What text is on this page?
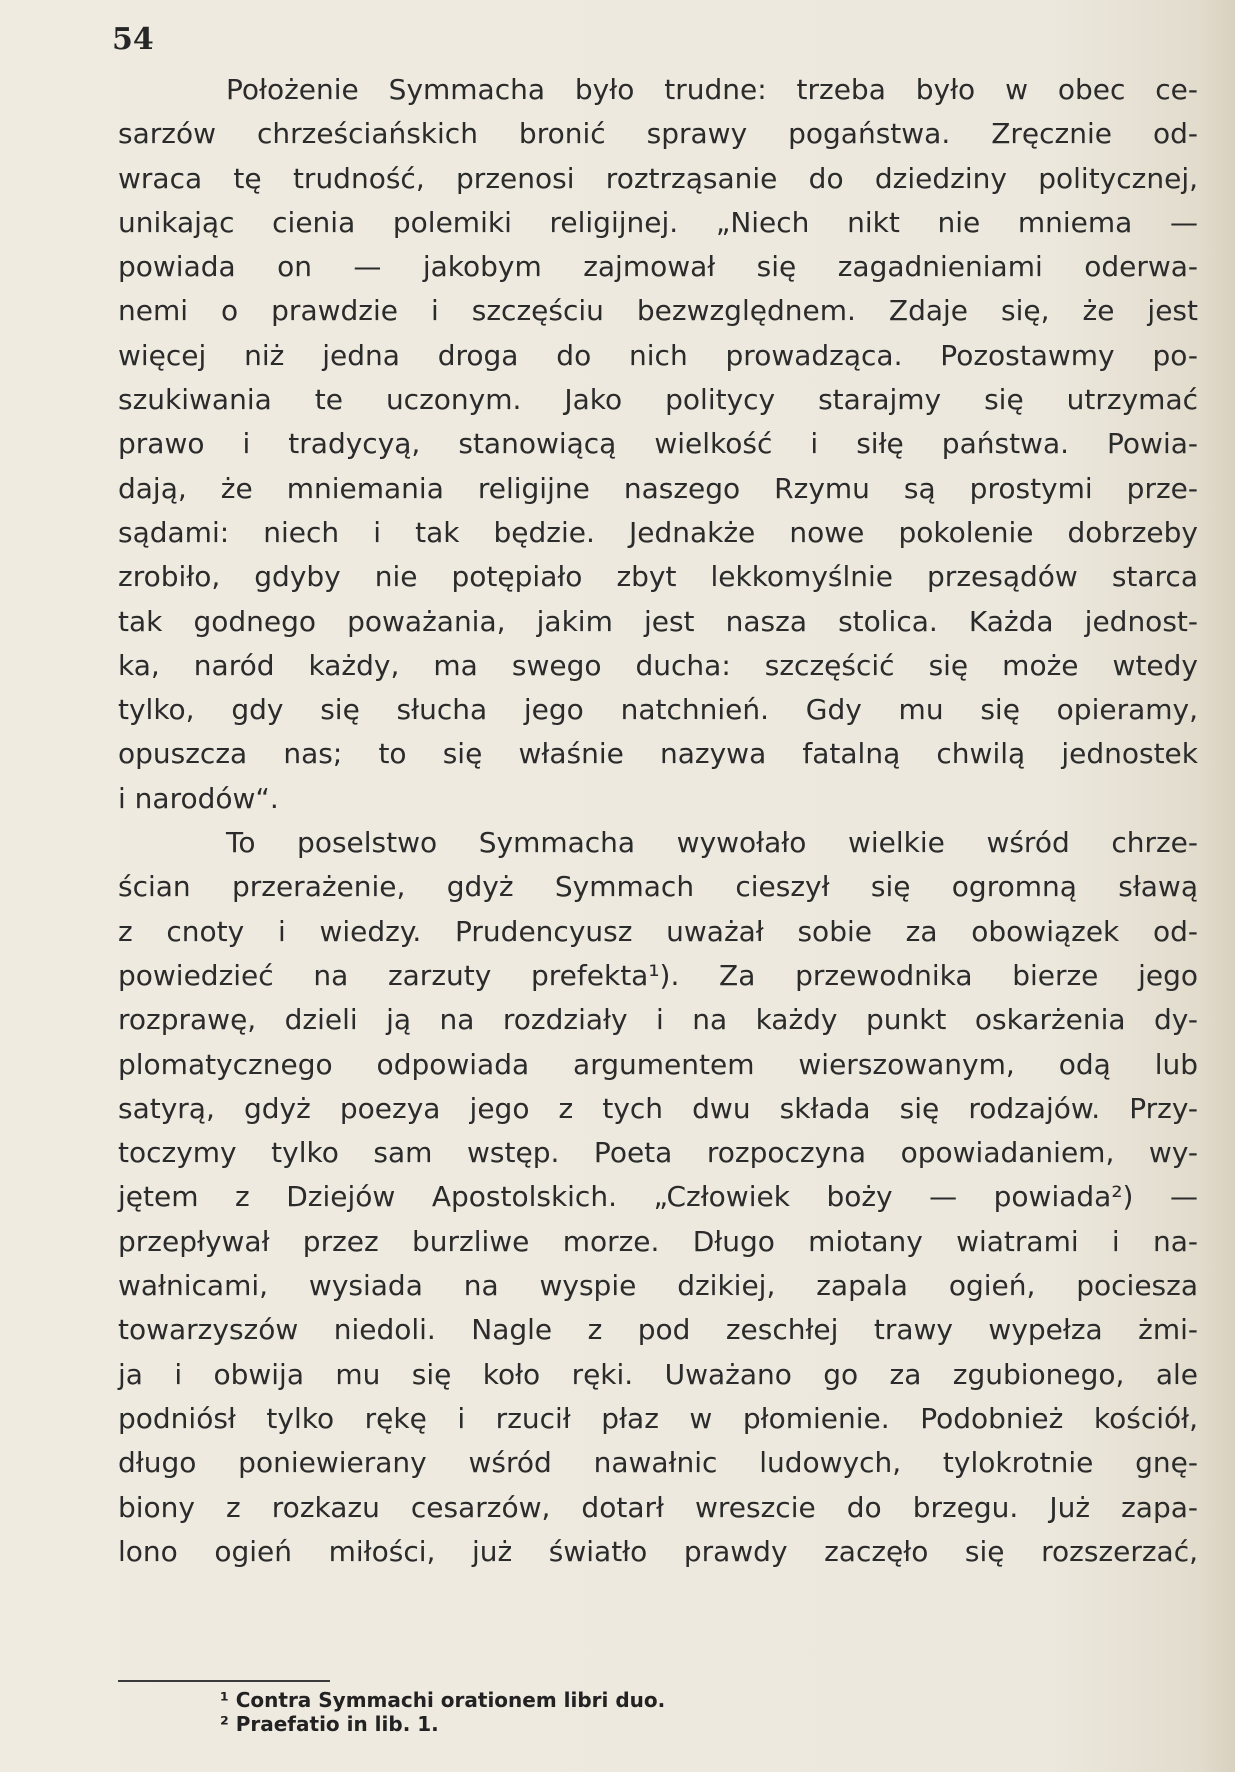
54
Położenie Symmacha było trudne: trzeba było w obec ce-
sarzów chrześciańskich bronić sprawy pogaństwa. Zręcznie od-
wraca tę trudność, przenosi roztrząsanie do dziedziny politycznej,
unikając cienia polemiki religijnej. „Niech nikt nie mniema —
powiada on — jakobym zajmował się zagadnieniami oderwa-
nemi o prawdzie i szczęściu bezwzględnem. Zdaje się, że jest
więcej niż jedna droga do nich prowadząca. Pozostawmy po-
szukiwania te uczonym. Jako politycy starajmy się utrzymać
prawo i tradycyą, stanowiącą wielkość i siłę państwa. Powia-
dają, że mniemania religijne naszego Rzymu są prostymi prze-
sądami: niech i tak będzie. Jednakże nowe pokolenie dobrzeby
zrobiło, gdyby nie potępiało zbyt lekkomyślnie przesądów starca
tak godnego poważania, jakim jest nasza stolica. Każda jednost-
ka, naród każdy, ma swego ducha: szczęścić się może wtedy
tylko, gdy się słucha jego natchnień. Gdy mu się opieramy,
opuszcza nas; to się właśnie nazywa fatalną chwilą jednostek
i narodów“.
To poselstwo Symmacha wywołało wielkie wśród chrze-
ścian przerażenie, gdyż Symmach cieszył się ogromną sławą
z cnoty i wiedzy. Prudencyusz uważał sobie za obowiązek od-
powiedzieć na zarzuty prefekta¹). Za przewodnika bierze jego
rozprawę, dzieli ją na rozdziały i na każdy punkt oskarżenia dy-
plomatycznego odpowiada argumentem wierszowanym, odą lub
satyrą, gdyż poezya jego z tych dwu składa się rodzajów. Przy-
toczymy tylko sam wstęp. Poeta rozpoczyna opowiadaniem, wy-
jętem z Dziejów Apostolskich. „Człowiek boży — powiada²) —
przepływał przez burzliwe morze. Długo miotany wiatrami i na-
wałnicami, wysiada na wyspie dzikiej, zapala ogień, pociesza
towarzyszów niedoli. Nagle z pod zeschłej trawy wypełza żmi-
ja i obwija mu się koło ręki. Uważano go za zgubionego, ale
podniósł tylko rękę i rzucił płaz w płomienie. Podobnież kościół,
długo poniewierany wśród nawałnic ludowych, tylokrotnie gnę-
biony z rozkazu cesarzów, dotarł wreszcie do brzegu. Już zapa-
lono ogień miłości, już światło prawdy zaczęło się rozszerzać,
¹ Contra Symmachi orationem libri duo.
² Praefatio in lib. 1.
